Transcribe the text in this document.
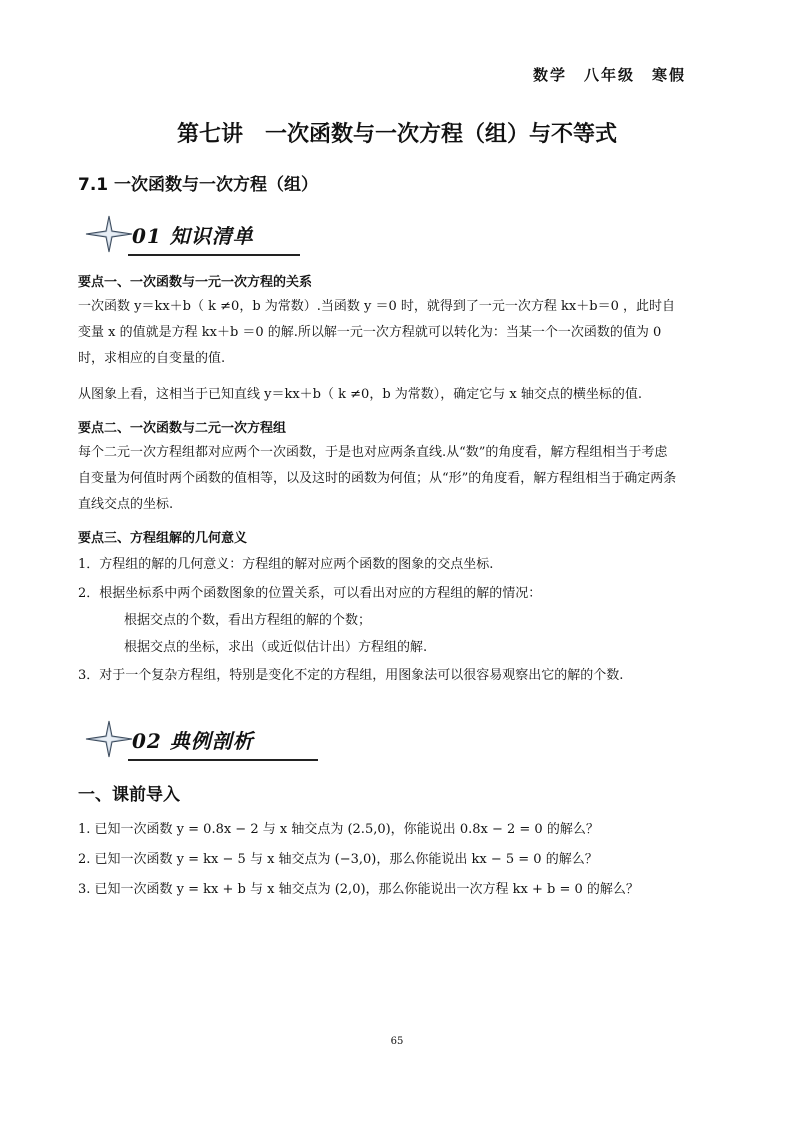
数学　八年级　寒假
第七讲　一次函数与一次方程（组）与不等式
7.1 一次函数与一次方程（组）
01 知识清单
要点一、一次函数与一元一次方程的关系
一次函数 y＝kx＋b（ k ≠0，b 为常数）.当函数 y ＝0 时，就得到了一元一次方程 kx＋b＝0 ，此时自变量 x 的值就是方程 kx＋b ＝0 的解.所以解一元一次方程就可以转化为：当某一个一次函数的值为 0 时，求相应的自变量的值.
从图象上看，这相当于已知直线 y＝kx＋b（ k ≠0，b 为常数），确定它与 x 轴交点的横坐标的值.
要点二、一次函数与二元一次方程组
每个二元一次方程组都对应两个一次函数，于是也对应两条直线.从“数”的角度看，解方程组相当于考虑自变量为何值时两个函数的值相等，以及这时的函数为何值；从“形”的角度看，解方程组相当于确定两条直线交点的坐标.
要点三、方程组解的几何意义
1．方程组的解的几何意义：方程组的解对应两个函数的图象的交点坐标.
2．根据坐标系中两个函数图象的位置关系，可以看出对应的方程组的解的情况：
根据交点的个数，看出方程组的解的个数；
根据交点的坐标，求出（或近似估计出）方程组的解.
3．对于一个复杂方程组，特别是变化不定的方程组，用图象法可以很容易观察出它的解的个数.
02 典例剖析
一、课前导入
1. 已知一次函数 y = 0.8x − 2 与 x 轴交点为 (2.5,0)，你能说出 0.8x − 2 = 0 的解么？
2. 已知一次函数 y = kx − 5 与 x 轴交点为 (−3,0)，那么你能说出 kx − 5 = 0 的解么？
3. 已知一次函数 y = kx + b 与 x 轴交点为 (2,0)，那么你能说出一次方程 kx + b = 0 的解么？
65
